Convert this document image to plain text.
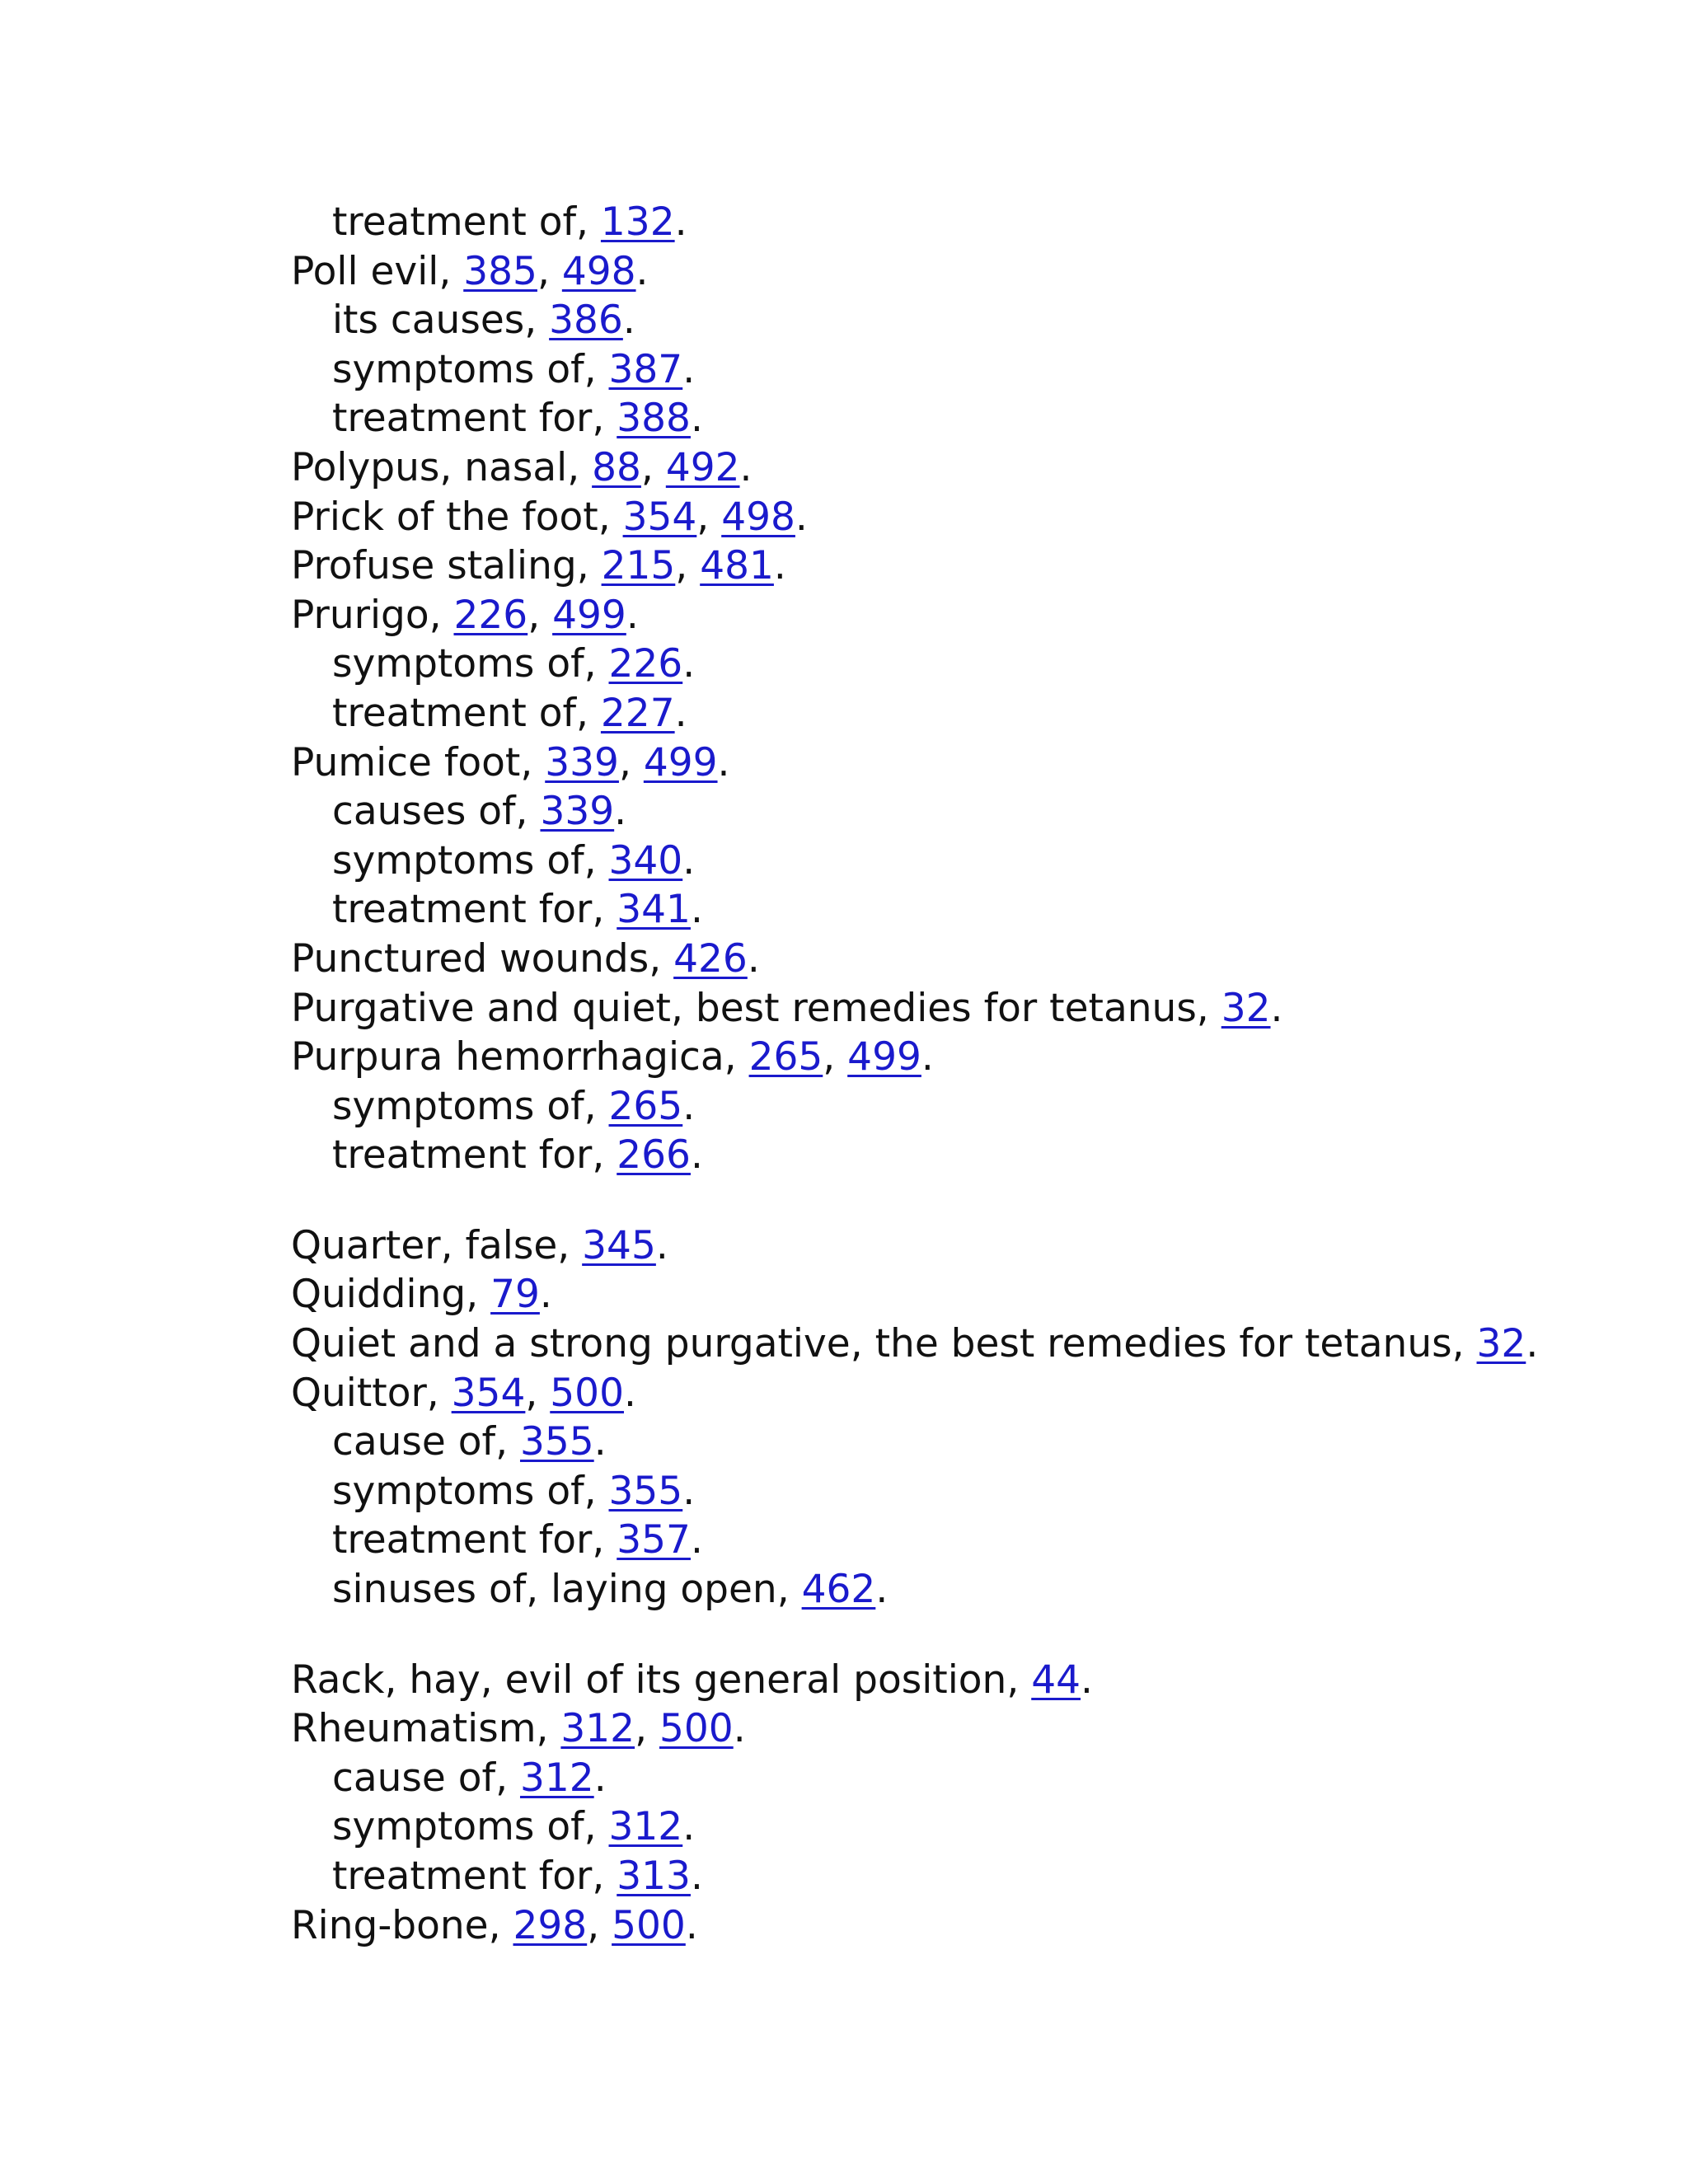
treatment of, 132.
Poll evil, 385, 498.
its causes, 386.
symptoms of, 387.
treatment for, 388.
Polypus, nasal, 88, 492.
Prick of the foot, 354, 498.
Profuse staling, 215, 481.
Prurigo, 226, 499.
symptoms of, 226.
treatment of, 227.
Pumice foot, 339, 499.
causes of, 339.
symptoms of, 340.
treatment for, 341.
Punctured wounds, 426.
Purgative and quiet, best remedies for tetanus, 32.
Purpura hemorrhagica, 265, 499.
symptoms of, 265.
treatment for, 266.
Quarter, false, 345.
Quidding, 79.
Quiet and a strong purgative, the best remedies for tetanus, 32.
Quittor, 354, 500.
cause of, 355.
symptoms of, 355.
treatment for, 357.
sinuses of, laying open, 462.
Rack, hay, evil of its general position, 44.
Rheumatism, 312, 500.
cause of, 312.
symptoms of, 312.
treatment for, 313.
Ring-bone, 298, 500.
